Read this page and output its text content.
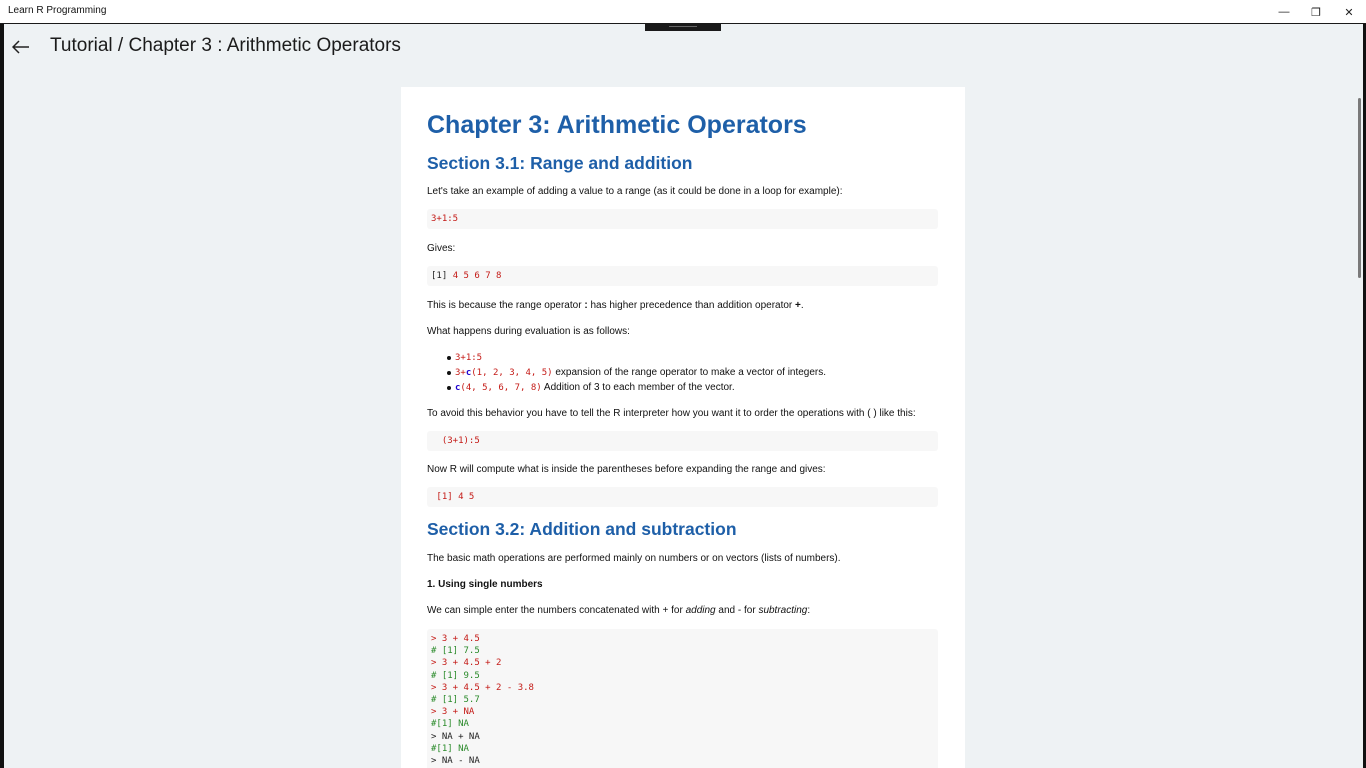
Learn R Programming	— ❐ ✕
Tutorial / Chapter 3 : Arithmetic Operators
Chapter 3: Arithmetic Operators
Section 3.1: Range and addition
Let's take an example of adding a value to a range (as it could be done in a loop for example):
3+1:5
Gives:
[1] 4 5 6 7 8
This is because the range operator : has higher precedence than addition operator +.
What happens during evaluation is as follows:
3+1:5
3+c(1, 2, 3, 4, 5) expansion of the range operator to make a vector of integers.
c(4, 5, 6, 7, 8) Addition of 3 to each member of the vector.
To avoid this behavior you have to tell the R interpreter how you want it to order the operations with ( ) like this:
(3+1):5
Now R will compute what is inside the parentheses before expanding the range and gives:
[1] 4 5
Section 3.2: Addition and subtraction
The basic math operations are performed mainly on numbers or on vectors (lists of numbers).
1. Using single numbers
We can simple enter the numbers concatenated with + for adding and - for subtracting:
> 3 + 4.5
# [1] 7.5
> 3 + 4.5 + 2
# [1] 9.5
> 3 + 4.5 + 2 - 3.8
# [1] 5.7
> 3 + NA
#[1] NA
> NA + NA
#[1] NA
> NA - NA
